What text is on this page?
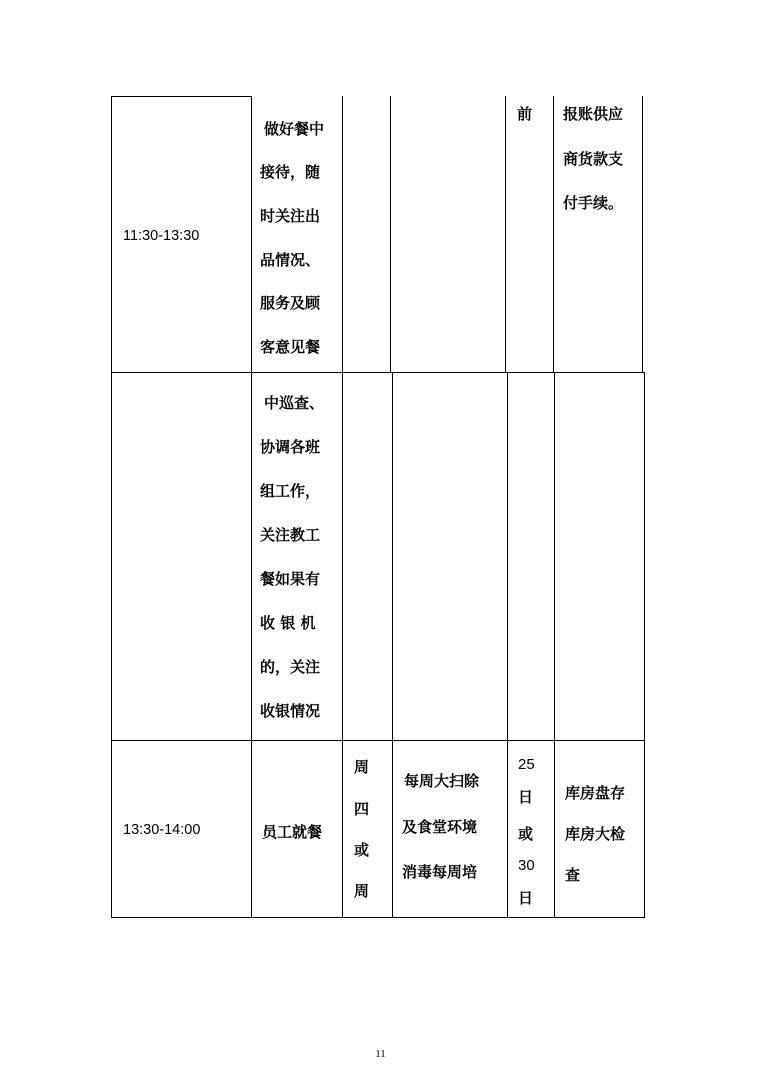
11:30-13:30
做好餐中
接待，随
时关注出
品情况、
服务及顾
客意见餐
前 报账供应
商货款支
付手续。
中巡查、
协调各班
组工作，
关注教工
餐如果有
收 银 机
的，关注
收银情况
13:30-14:00	员工就餐
周
四
或
周
每周大扫除
及食堂环境
消毒每周培
25
日
或
30
日
库房盘存
库房大检
查
11
